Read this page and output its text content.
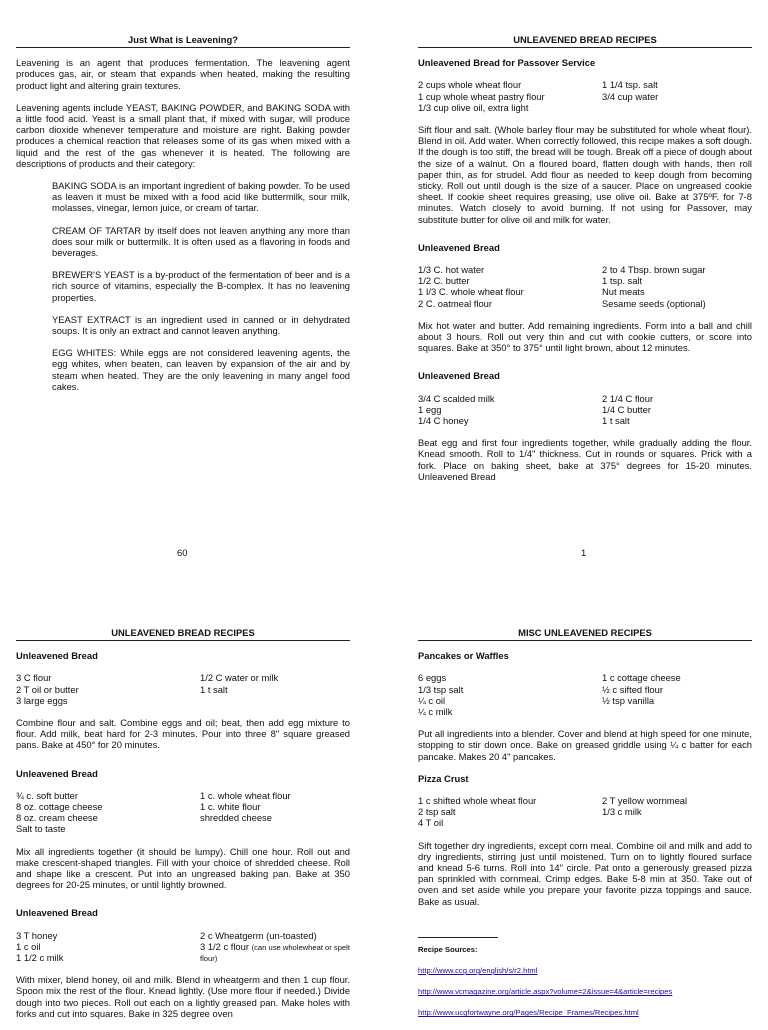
Just What is Leavening?

Leavening is an agent that produces fermentation. The leavening agent produces gas, air, or steam that expands when heated, making the resulting product light and altering grain textures.

Leavening agents include YEAST, BAKING POWDER, and BAKING SODA with a little food acid. Yeast is a small plant that, if mixed with sugar, will produce carbon dioxide whenever temperature and moisture are right. Baking powder produces a chemical reaction that releases some of its gas when mixed with a liquid and the rest of the gas whenever it is heated. The following are descriptions of products and their category:

BAKING SODA is an important ingredient of baking powder. To be used as leaven it must be mixed with a food acid like buttermilk, sour milk, molasses, vinegar, lemon juice, or cream of tartar.

CREAM OF TARTAR by itself does not leaven anything any more than does sour milk or buttermilk. It is often used as a flavoring in foods and beverages.

BREWER'S YEAST is a by-product of the fermentation of beer and is a rich source of vitamins, especially the B-complex. It has no leavening properties.

YEAST EXTRACT is an ingredient used in canned or in dehydrated soups. It is only an extract and cannot leaven anything.

EGG WHITES: While eggs are not considered leavening agents, the egg whites, when beaten, can leaven by expansion of the air and by steam when heated. They are the only leavening in many angel food cakes.

60
UNLEAVENED BREAD RECIPES
Unleavened Bread for Passover Service
2 cups whole wheat flour
1 cup whole wheat pastry flour
1/3 cup olive oil, extra light
1 1/4 tsp. salt
3/4 cup water

Sift flour and salt. (Whole barley flour may be substituted for whole wheat flour). Blend in oil. Add water. When correctly followed, this recipe makes a soft dough. If the dough is too stiff, the bread will be tough. Break off a piece of dough about the size of a walnut. On a floured board, flatten dough with hands, then roll paper thin, as for strudel. Add flour as needed to keep dough from becoming sticky. Roll out until dough is the size of a saucer. Place on ungreased cookie sheet. If cookie sheet requires greasing, use olive oil. Bake at 375ºF. for 7-8 minutes. Watch closely to avoid burning. If not using for Passover, may substitute butter for olive oil and milk for water.

Unleavened Bread
1/3 C. hot water
1/2 C. butter
1 I/3 C. whole wheat flour
2 C. oatmeal flour
2 to 4 Tbsp. brown sugar
1 tsp. salt
Nut meats
Sesame seeds (optional)

Mix hot water and butter. Add remaining ingredients. Form into a ball and chill about 3 hours. Roll out very thin and cut with cookie cutters, or score into squares. Bake at 350° to 375° until light brown, about 12 minutes.

Unleavened Bread
3/4 C scalded milk
1 egg
1/4 C honey
2 1/4 C flour
1/4 C butter
1 t salt

Beat egg and first four ingredients together, while gradually adding the flour. Knead smooth. Roll to 1/4" thickness. Cut in rounds or squares. Prick with a fork. Place on baking sheet, bake at 375° degrees for 15-20 minutes. Unleavened Bread

1
UNLEAVENED BREAD RECIPES
Unleavened Bread
3 C flour
2 T oil or butter
3 large eggs
1/2 C water or milk
1 t salt

Combine flour and salt. Combine eggs and oil; beat, then add egg mixture to flour. Add milk, beat hard for 2-3 minutes. Pour into three 8" square greased pans. Bake at 450° for 20 minutes.

Unleavened Bread
¾ c. soft butter
8 oz. cottage cheese
8 oz. cream cheese
Salt to taste
1 c. whole wheat flour
1 c. white flour
shredded cheese

Mix all ingredients together (it should be lumpy). Chill one hour. Roll out and make crescent-shaped triangles. Fill with your choice of shredded cheese. Roll and shape like a crescent. Put into an ungreased baking pan. Bake at 350 degrees for 20-25 minutes, or until lightly browned.

Unleavened Bread
3 T honey
1 c oil
1 1/2 c milk
2 c Wheatgerm (un-toasted)
3 1/2 c flour (can use wholewheat or spelt flour)

With mixer, blend honey, oil and milk. Blend in wheatgerm and then 1 cup flour. Spoon mix the rest of the flour. Knead lightly. (Use more flour if needed.) Divide dough into two pieces. Roll out each on a lightly greased pan. Make holes with forks and cut into squares. Bake in 325 degree oven

MISC UNLEAVENED RECIPES
Pancakes or Waffles
6 eggs
1/3 tsp salt
¼ c oil
¼ c milk
1 c cottage cheese
½ c sifted flour
½ tsp vanilla

Put all ingredients into a blender. Cover and blend at high speed for one minute, stopping to stir down once. Bake on greased griddle using ¼ c batter for each pancake. Makes 20 4" pancakes.

Pizza Crust
1 c shifted whole wheat flour
2 tsp salt
4 T oil
2 T yellow wornmeal
1/3 c milk

Sift together dry ingredients, except corn meal. Combine oil and milk and add to dry ingredients, stirring just until moistened. Turn on to lightly floured surface and knead 5-6 turns. Roll into 14" circle. Pat onto a generously greased pizza pan sprinkled with cornmeal. Crimp edges. Bake 5-8 min at 350. Take out of oven and set aside while you prepare your favorite pizza toppings and sauce. Bake as usual.

Recipe Sources:
http://www.ccg.org/english/s/r2.html
http://www.vcmagazine.org/article.aspx?volume=2&issue=4&article=recipes
http://www.ucgfortwayne.org/Pages/Recipe_Frames/Recipes.html
